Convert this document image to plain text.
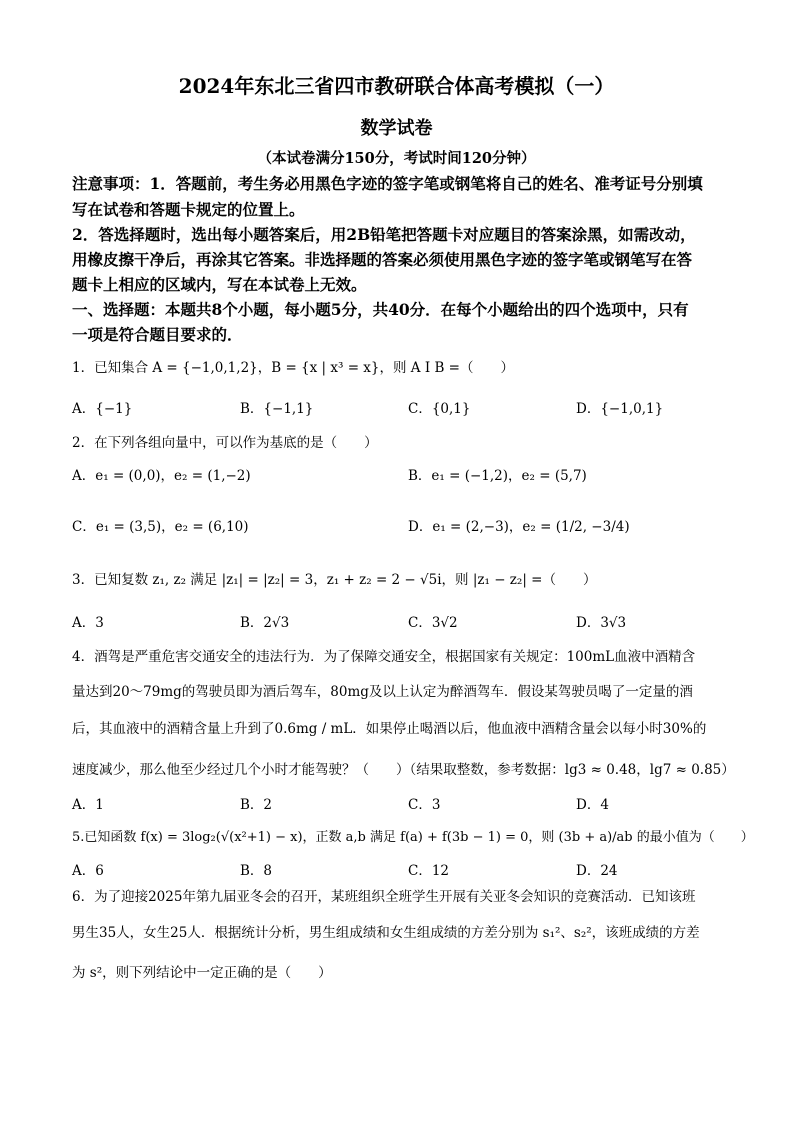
2024年东北三省四市教研联合体高考模拟（一）
数学试卷
（本试卷满分150分，考试时间120分钟）
注意事项：1．答题前，考生务必用黑色字迹的签字笔或钢笔将自己的姓名、准考证号分别填
写在试卷和答题卡规定的位置上。
2．答选择题时，选出每小题答案后，用2B铅笔把答题卡对应题目的答案涂黑，如需改动，
用橡皮擦干净后，再涂其它答案。非选择题的答案必须使用黑色字迹的签字笔或钢笔写在答
题卡上相应的区域内，写在本试卷上无效。
一、选择题：本题共8个小题，每小题5分，共40分．在每个小题给出的四个选项中，只有
一项是符合题目要求的．
1．已知集合 A = {−1,0,1,2}，B = {x | x³ = x}，则 A I B =（　　）
A．{−1}	B．{−1,1}	C．{0,1}	D．{−1,0,1}
2．在下列各组向量中，可以作为基底的是（　　）
A．e₁ = (0,0)，e₂ = (1,−2)	B．e₁ = (−1,2)，e₂ = (5,7)
C．e₁ = (3,5)，e₂ = (6,10)	D．e₁ = (2,−3)，e₂ = (1/2, −3/4)
3．已知复数 z₁, z₂ 满足 |z₁| = |z₂| = 3，z₁ + z₂ = 2 − √5i，则 |z₁ − z₂| =（　　）
A．3	B．2√3	C．3√2	D．3√3
4．酒驾是严重危害交通安全的违法行为．为了保障交通安全，根据国家有关规定：100mL血液中酒精含
量达到20～79mg的驾驶员即为酒后驾车，80mg及以上认定为醉酒驾车．假设某驾驶员喝了一定量的酒
后，其血液中的酒精含量上升到了0.6mg / mL．如果停止喝酒以后，他血液中酒精含量会以每小时30%的
速度减少，那么他至少经过几个小时才能驾驶？（　　）（结果取整数，参考数据：lg3 ≈ 0.48，lg7 ≈ 0.85）
A．1	B．2	C．3	D．4
5.已知函数 f(x) = 3log₂(√(x²+1) − x)，正数 a,b 满足 f(a) + f(3b − 1) = 0，则 (3b + a)/ab 的最小值为（　　）
A．6	B．8	C．12	D．24
6．为了迎接2025年第九届亚冬会的召开，某班组织全班学生开展有关亚冬会知识的竞赛活动．已知该班
男生35人，女生25人．根据统计分析，男生组成绩和女生组成绩的方差分别为 s₁²、s₂²，该班成绩的方差
为 s²，则下列结论中一定正确的是（　　）
